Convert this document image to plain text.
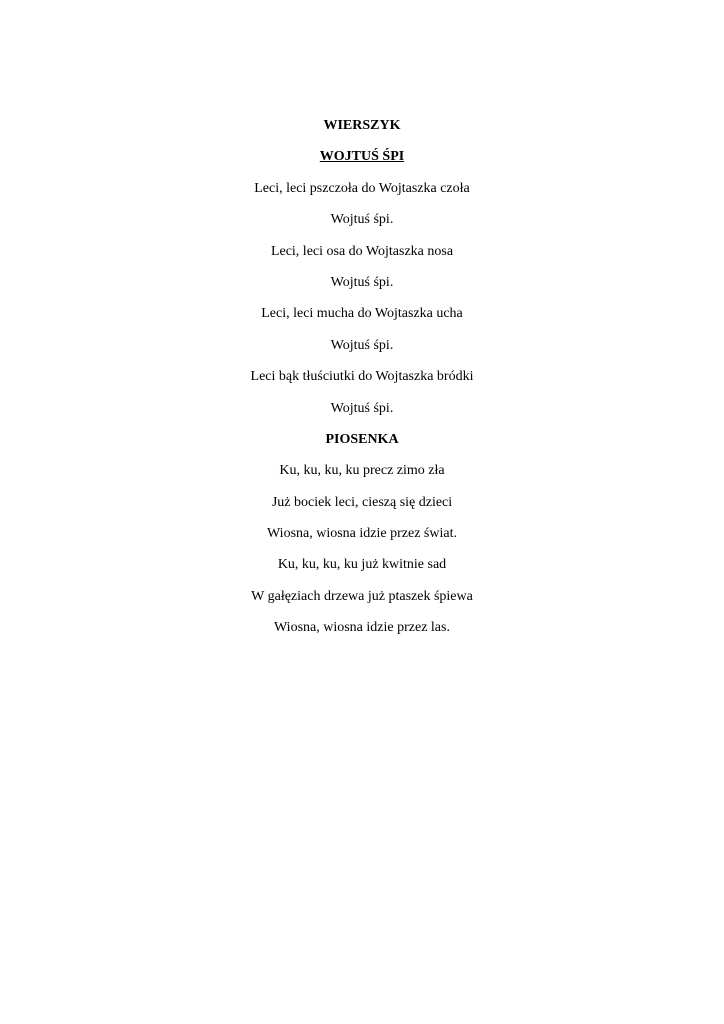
WIERSZYK
WOJTUŚ ŚPI
Leci, leci pszczoła do Wojtaszka czoła
Wojtuś śpi.
Leci, leci osa do Wojtaszka nosa
Wojtuś śpi.
Leci, leci mucha do Wojtaszka ucha
Wojtuś śpi.
Leci bąk tłuściutki do Wojtaszka bródki
Wojtuś śpi.
PIOSENKA
Ku, ku, ku, ku precz zimo zła
Już bociek leci, cieszą się dzieci
Wiosna, wiosna idzie przez świat.
Ku, ku, ku, ku już kwitnie sad
W gałęziach drzewa już ptaszek śpiewa
Wiosna, wiosna idzie przez las.
